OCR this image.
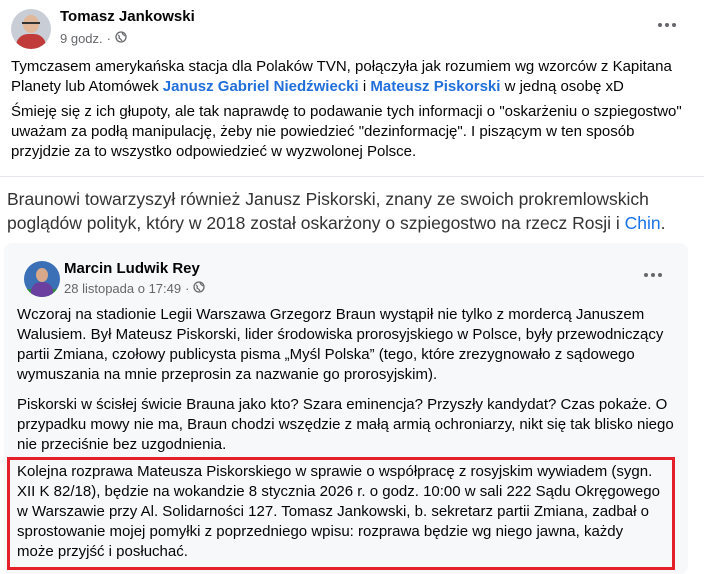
Tomasz Jankowski
9 godz. ·
Tymczasem amerykańska stacja dla Polaków TVN, połączyła jak rozumiem wg wzorców z Kapitana Planety lub Atomówek Janusz Gabriel Niedźwiecki i Mateusz Piskorski w jedną osobę xD
Śmieję się z ich głupoty, ale tak naprawdę to podawanie tych informacji o "oskarżeniu o szpiegostwo" uważam za podłą manipulację, żeby nie powiedzieć "dezinformację". I piszącym w ten sposób przyjdzie za to wszystko odpowiedzieć w wyzwolonej Polsce.
Braunowi towarzyszył również Janusz Piskorski, znany ze swoich prokremlowskich poglądów polityk, który w 2018 został oskarżony o szpiegostwo na rzecz Rosji i Chin.
Marcin Ludwik Rey
28 listopada o 17:49 ·
Wczoraj na stadionie Legii Warszawa Grzegorz Braun wystąpił nie tylko z mordercą Januszem Walusiem. Był Mateusz Piskorski, lider środowiska prorosyjskiego w Polsce, były przewodniczący partii Zmiana, czołowy publicysta pisma „Myśl Polska” (tego, które zrezygnowało z sądowego wymuszania na mnie przeprosin za nazwanie go prorosyjskim).
Piskorski w ścisłej świcie Brauna jako kto? Szara eminencja? Przyszły kandydat? Czas pokaże. O przypadku mowy nie ma, Braun chodzi wszędzie z małą armią ochroniarzy, nikt się tak blisko niego nie przeciśnie bez uzgodnienia.
Kolejna rozprawa Mateusza Piskorskiego w sprawie o współpracę z rosyjskim wywiadem (sygn. XII K 82/18), będzie na wokandzie 8 stycznia 2026 r. o godz. 10:00 w sali 222 Sądu Okręgowego w Warszawie przy Al. Solidarności 127. Tomasz Jankowski, b. sekretarz partii Zmiana, zadbał o sprostowanie mojej pomyłki z poprzedniego wpisu: rozprawa będzie wg niego jawna, każdy może przyjść i posłuchać.
